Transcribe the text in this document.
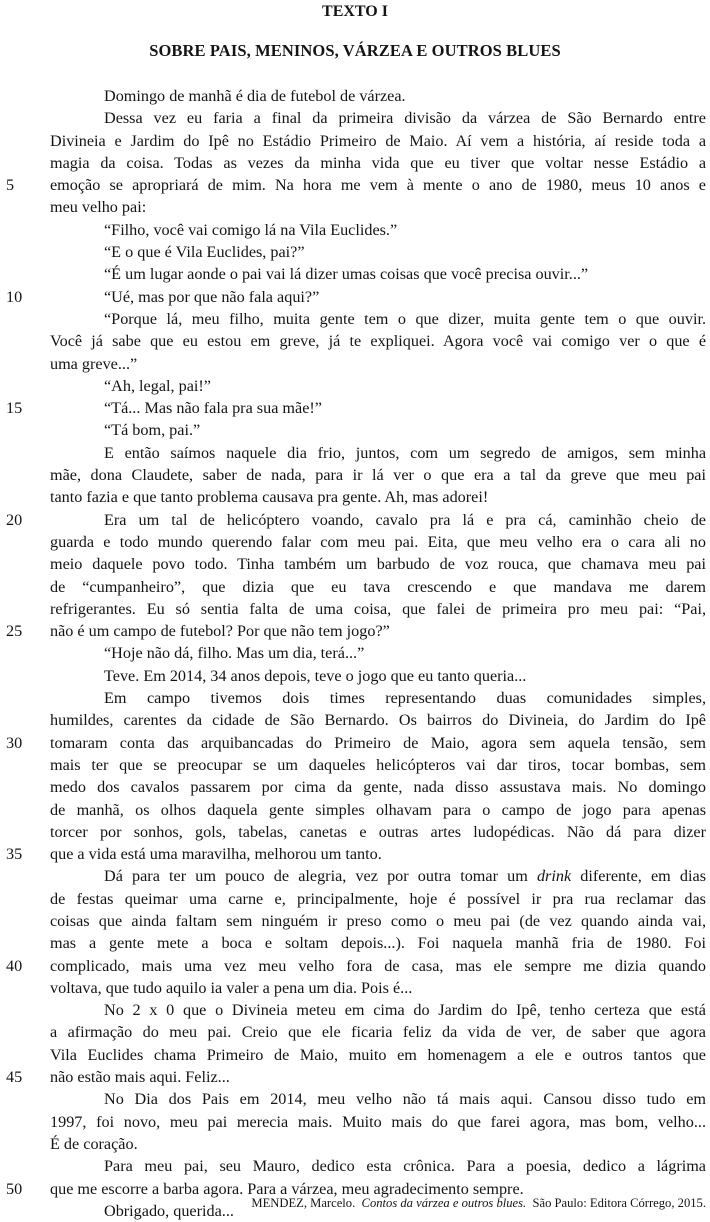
TEXTO I
SOBRE PAIS, MENINOS, VÁRZEA E OUTROS BLUES
Domingo de manhã é dia de futebol de várzea.
Dessa vez eu faria a final da primeira divisão da várzea de São Bernardo entre
Divineia e Jardim do Ipê no Estádio Primeiro de Maio. Aí vem a história, aí reside toda a
magia da coisa. Todas as vezes da minha vida que eu tiver que voltar nesse Estádio a
5	emoção se apropriará de mim. Na hora me vem à mente o ano de 1980, meus 10 anos e
meu velho pai:
“Filho, você vai comigo lá na Vila Euclides.”
“E o que é Vila Euclides, pai?”
“É um lugar aonde o pai vai lá dizer umas coisas que você precisa ouvir...”
10	“Ué, mas por que não fala aqui?”
“Porque lá, meu filho, muita gente tem o que dizer, muita gente tem o que ouvir.
Você já sabe que eu estou em greve, já te expliquei. Agora você vai comigo ver o que é
uma greve...”
“Ah, legal, pai!”
15	“Tá... Mas não fala pra sua mãe!”
“Tá bom, pai.”
E então saímos naquele dia frio, juntos, com um segredo de amigos, sem minha
mãe, dona Claudete, saber de nada, para ir lá ver o que era a tal da greve que meu pai
tanto fazia e que tanto problema causava pra gente. Ah, mas adorei!
20	Era um tal de helicóptero voando, cavalo pra lá e pra cá, caminhão cheio de
guarda e todo mundo querendo falar com meu pai. Eita, que meu velho era o cara ali no
meio daquele povo todo. Tinha também um barbudo de voz rouca, que chamava meu pai
de “cumpanheiro”, que dizia que eu tava crescendo e que mandava me darem
refrigerantes. Eu só sentia falta de uma coisa, que falei de primeira pro meu pai: “Pai,
25	não é um campo de futebol? Por que não tem jogo?”
“Hoje não dá, filho. Mas um dia, terá...”
Teve. Em 2014, 34 anos depois, teve o jogo que eu tanto queria...
Em campo tivemos dois times representando duas comunidades simples,
humildes, carentes da cidade de São Bernardo. Os bairros do Divineia, do Jardim do Ipê
30	tomaram conta das arquibancadas do Primeiro de Maio, agora sem aquela tensão, sem
mais ter que se preocupar se um daqueles helicópteros vai dar tiros, tocar bombas, sem
medo dos cavalos passarem por cima da gente, nada disso assustava mais. No domingo
de manhã, os olhos daquela gente simples olhavam para o campo de jogo para apenas
torcer por sonhos, gols, tabelas, canetas e outras artes ludopédicas. Não dá para dizer
35	que a vida está uma maravilha, melhorou um tanto.
Dá para ter um pouco de alegria, vez por outra tomar um drink diferente, em dias
de festas queimar uma carne e, principalmente, hoje é possível ir pra rua reclamar das
coisas que ainda faltam sem ninguém ir preso como o meu pai (de vez quando ainda vai,
mas a gente mete a boca e soltam depois...). Foi naquela manhã fria de 1980. Foi
40	complicado, mais uma vez meu velho fora de casa, mas ele sempre me dizia quando
voltava, que tudo aquilo ia valer a pena um dia. Pois é...
No 2 x 0 que o Divineia meteu em cima do Jardim do Ipê, tenho certeza que está
a afirmação do meu pai. Creio que ele ficaria feliz da vida de ver, de saber que agora
Vila Euclides chama Primeiro de Maio, muito em homenagem a ele e outros tantos que
45	não estão mais aqui. Feliz...
No Dia dos Pais em 2014, meu velho não tá mais aqui. Cansou disso tudo em
1997, foi novo, meu pai merecia mais. Muito mais do que farei agora, mas bom, velho...
É de coração.
Para meu pai, seu Mauro, dedico esta crônica. Para a poesia, dedico a lágrima
50	que me escorre a barba agora. Para a várzea, meu agradecimento sempre.
Obrigado, querida...	MENDEZ, Marcelo. Contos da várzea e outros blues. São Paulo: Editora Córrego, 2015.
